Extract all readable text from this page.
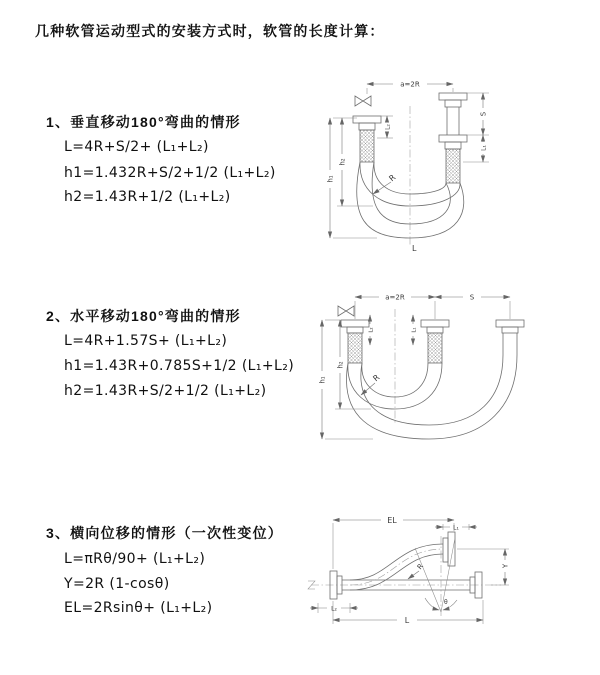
几种软管运动型式的安装方式时，软管的长度计算：
1、垂直移动180°弯曲的情形
L=4R+S/2+ (L₁+L₂)
h1=1.432R+S/2+1/2 (L₁+L₂)
h2=1.43R+1/2 (L₁+L₂)
2、水平移动180°弯曲的情形
L=4R+1.57S+ (L₁+L₂)
h1=1.43R+0.785S+1/2 (L₁+L₂)
h2=1.43R+S/2+1/2 (L₁+L₂)
3、横向位移的情形（一次性变位）
L=πRθ/90+ (L₁+L₂)
Y=2R (1-cosθ)
EL=2Rsinθ+ (L₁+L₂)
a=2R
h₁
h₂
L₂
S
L₁
R
L
a=2R	S
h₁
h₂
L₂	L₁
R
θ
R
EL
L₁
Y
L
L₂
